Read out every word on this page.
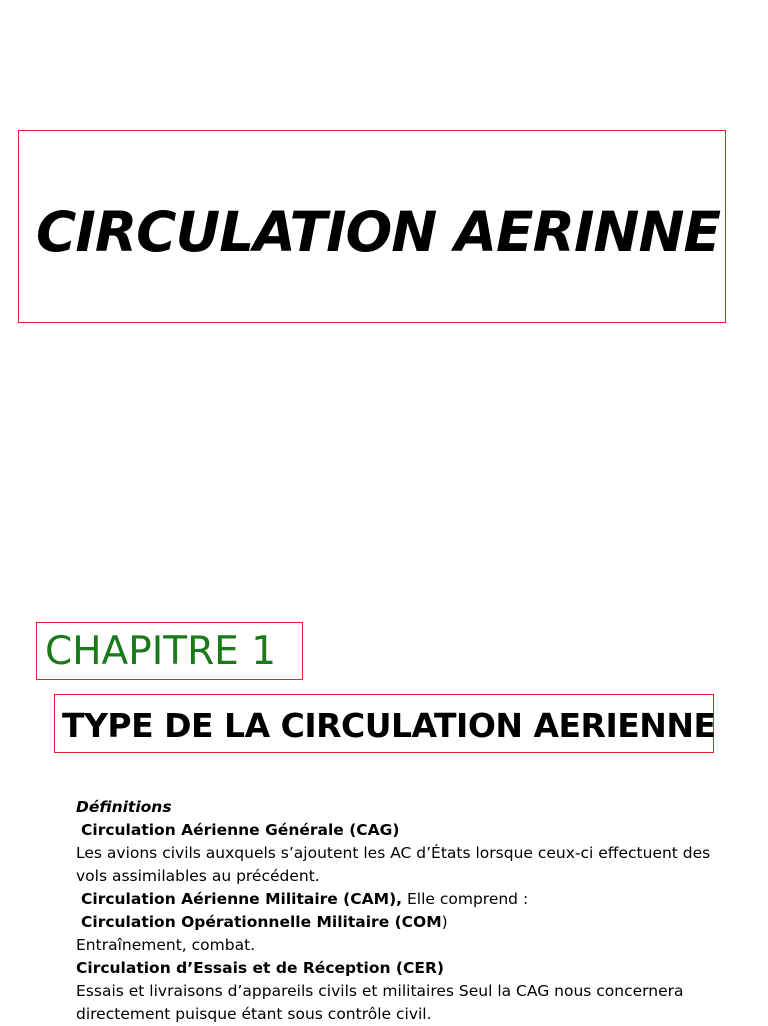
CIRCULATION AERINNE
CHAPITRE 1
TYPE DE LA CIRCULATION AERIENNE
Définitions
Circulation Aérienne Générale (CAG)
Les avions civils auxquels s’ajoutent les AC d’États lorsque ceux-ci effectuent des
vols assimilables au précédent.
Circulation Aérienne Militaire (CAM), Elle comprend :
Circulation Opérationnelle Militaire (COM)
Entraînement, combat.
Circulation d’Essais et de Réception (CER)
Essais et livraisons d’appareils civils et militaires Seul la CAG nous concernera
directement puisque étant sous contrôle civil.
